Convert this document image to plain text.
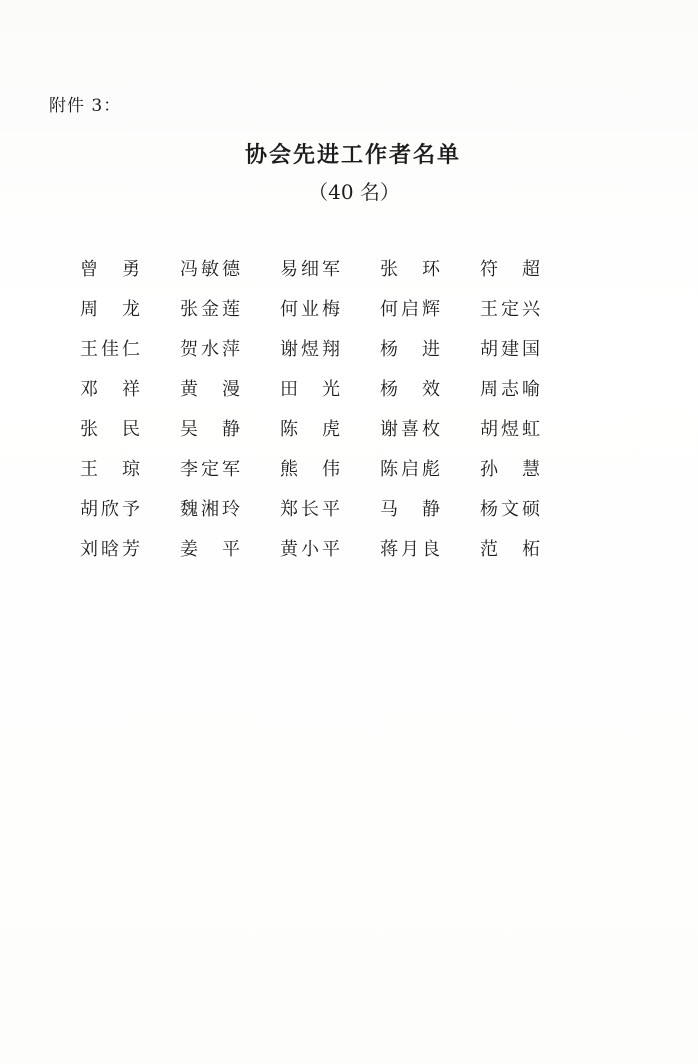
附件 3：
协会先进工作者名单
（40 名）
曾 勇 冯 敏 德 易 细 军 张 环 符 超
周 龙 张 金 莲 何 业 梅 何 启 辉 王 定 兴
王 佳 仁 贺 水 萍 谢 煜 翔 杨 进 胡 建 国
邓 祥 黄 漫 田 光 杨 效 周 志 喻
张 民 吴 静 陈 虎 谢 喜 枚 胡 煜 虹
王 琼 李 定 军 熊 伟 陈 启 彪 孙 慧
胡 欣 予 魏 湘 玲 郑 长 平 马 静 杨 文 硕
刘 晗 芳 姜 平 黄 小 平 蒋 月 良 范 柘
